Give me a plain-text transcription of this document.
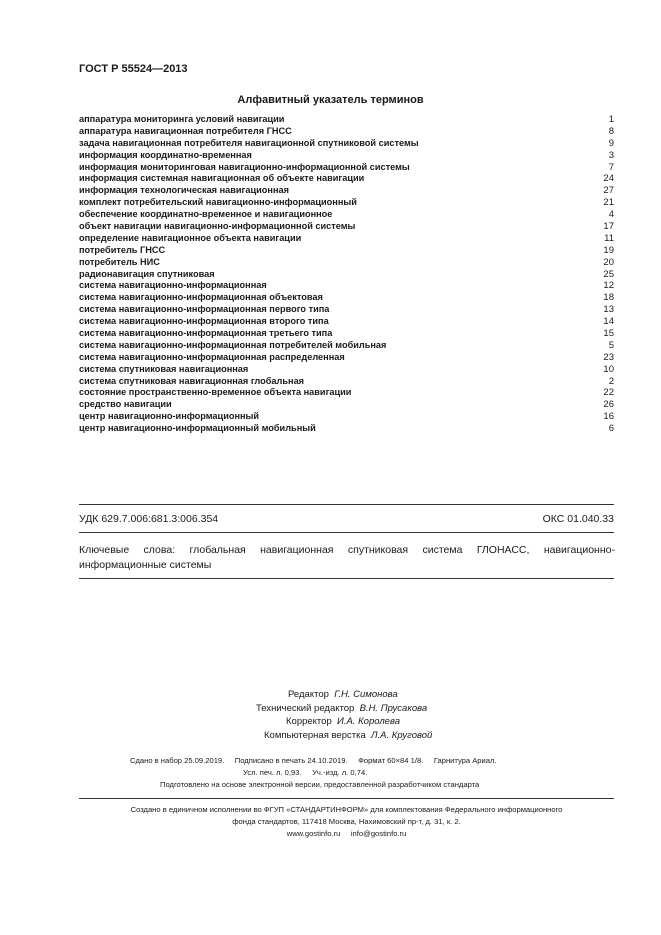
ГОСТ Р 55524—2013
Алфавитный указатель терминов
аппаратура мониторинга условий навигации	1
аппаратура навигационная потребителя ГНСС	8
задача навигационная потребителя навигационной спутниковой системы	9
информация координатно-временная	3
информация мониторинговая навигационно-информационной системы	7
информация системная навигационная об объекте навигации	24
информация технологическая навигационная	27
комплект потребительский навигационно-информационный	21
обеспечение координатно-временное и навигационное	4
объект навигации навигационно-информационной системы	17
определение навигационное объекта навигации	11
потребитель ГНСС	19
потребитель НИС	20
радионавигация спутниковая	25
система навигационно-информационная	12
система навигационно-информационная объектовая	18
система навигационно-информационная первого типа	13
система навигационно-информационная второго типа	14
система навигационно-информационная третьего типа	15
система навигационно-информационная потребителей мобильная	5
система навигационно-информационная распределенная	23
система спутниковая навигационная	10
система спутниковая навигационная глобальная	2
состояние пространственно-временное объекта навигации	22
средство навигации	26
центр навигационно-информационный	16
центр навигационно-информационный мобильный	6
УДК 629.7.006:681.3:006.354	ОКС 01.040.33
Ключевые слова: глобальная навигационная спутниковая система ГЛОНАСС, навигационно-информационные системы
Редактор Г.Н. Симонова
Технический редактор В.Н. Прусакова
Корректор И.А. Королева
Компьютерная верстка Л.А. Круговой
Сдано в набор 25.09.2019.     Подписано в печать 24.10.2019.     Формат 60×84 1/8.     Гарнитура Ариал.
Усл. печ. л. 0,93.     Уч.-изд. л. 0,74.
Подготовлено на основе электронной версии, предоставленной разработчиком стандарта
Создано в единичном исполнении во ФГУП «СТАНДАРТИНФОРМ» для комплектования Федерального информационного
фонда стандартов, 117418 Москва, Нахимовский пр-т, д. 31, к. 2.
www.gostinfo.ru     info@gostinfo.ru
